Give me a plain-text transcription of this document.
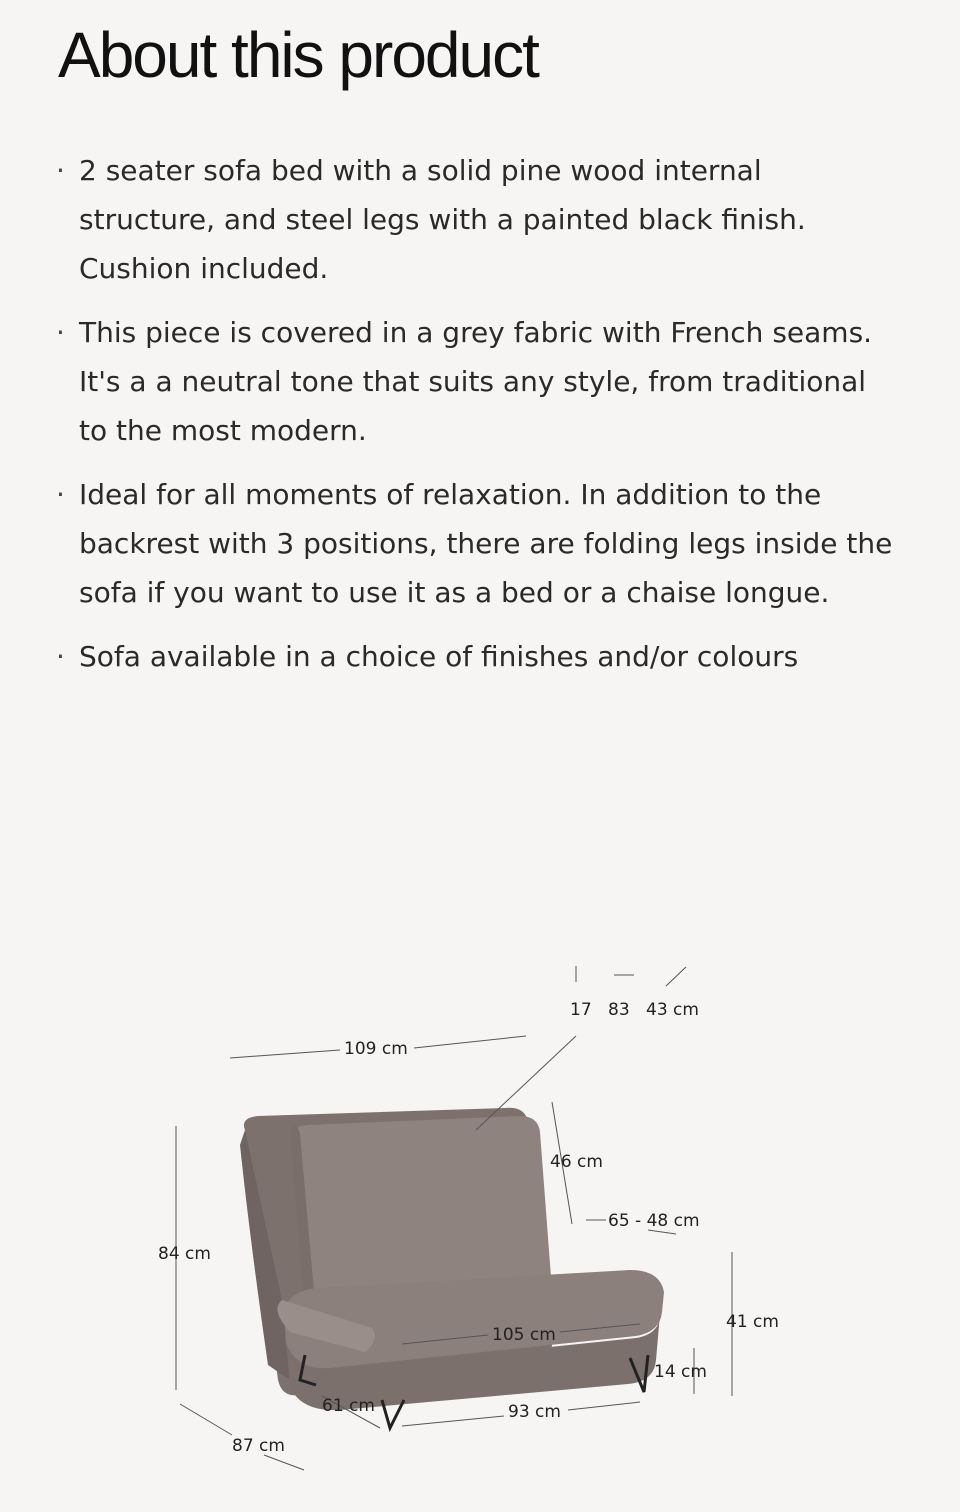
About this product
· 2 seater sofa bed with a solid pine wood internal structure, and steel legs with a painted black finish. Cushion included.
· This piece is covered in a grey fabric with French seams. It's a a neutral tone that suits any style, from traditional to the most modern.
· Ideal for all moments of relaxation. In addition to the backrest with 3 positions, there are folding legs inside the sofa if you want to use it as a bed or a chaise longue.
· Sofa available in a choice of finishes and/or colours
17 83 43 cm
109 cm
84 cm
46 cm
65 - 48 cm
41 cm
105 cm
14 cm
61 cm	93 cm
87 cm
